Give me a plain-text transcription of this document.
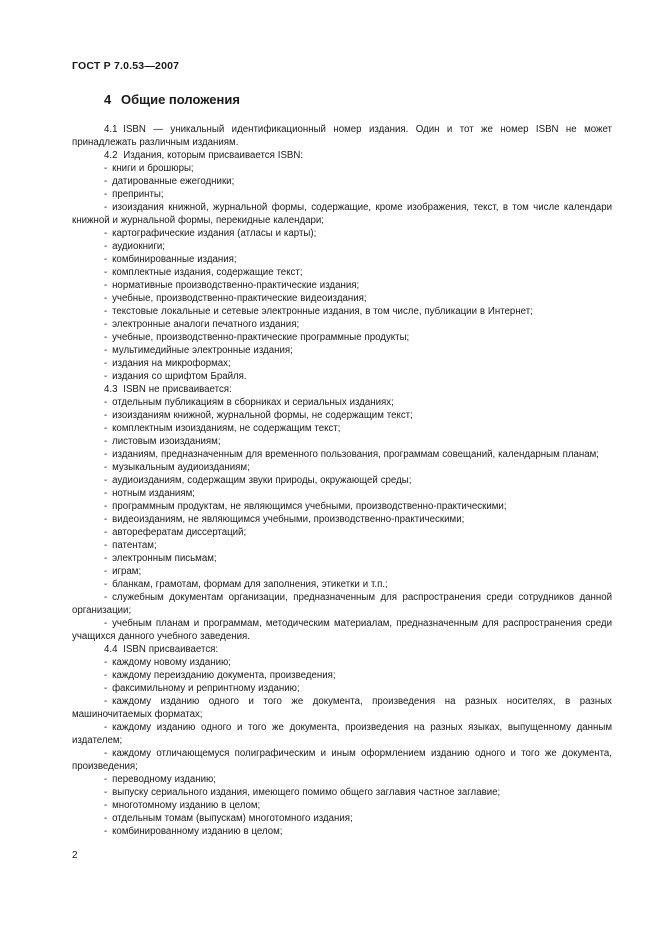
ГОСТ Р 7.0.53—2007
4 Общие положения

4.1 ISBN — уникальный идентификационный номер издания. Один и тот же номер ISBN не может принадлежать различным изданиям.

4.2 Издания, которым присваивается ISBN:

- книги и брошюры;

- датированные ежегодники;

- препринты;

- изоиздания книжной, журнальной формы, содержащие, кроме изображения, текст, в том числе календари книжной и журнальной формы, перекидные календари;

- картографические издания (атласы и карты);

- аудиокниги;

- комбинированные издания;

- комплектные издания, содержащие текст;

- нормативные производственно-практические издания;

- учебные, производственно-практические видеоиздания;

- текстовые локальные и сетевые электронные издания, в том числе, публикации в Интернет;

- электронные аналоги печатного издания;

- учебные, производственно-практические программные продукты;

- мультимедийные электронные издания;

- издания на микроформах;

- издания со шрифтом Брайля.

4.3 ISBN не присваивается:

- отдельным публикациям в сборниках и сериальных изданиях;

- изоизданиям книжной, журнальной формы, не содержащим текст;

- комплектным изоизданиям, не содержащим текст;

- листовым изоизданиям;

- изданиям, предназначенным для временного пользования, программам совещаний, календарным планам;

- музыкальным аудиоизданиям;

- аудиоизданиям, содержащим звуки природы, окружающей среды;

- нотным изданиям;

- программным продуктам, не являющимся учебными, производственно-практическими;

- видеоизданиям, не являющимся учебными, производственно-практическими;

- авторефератам диссертаций;

- патентам;

- электронным письмам;

- играм;

- бланкам, грамотам, формам для заполнения, этикетки и т.п.;

- служебным документам организации, предназначенным для распространения среди сотрудников данной организации;

- учебным планам и программам, методическим материалам, предназначенным для распространения среди учащихся данного учебного заведения.

4.4 ISBN присваивается:

- каждому новому изданию;

- каждому переизданию документа, произведения;

- факсимильному и репринтному изданию;

- каждому изданию одного и того же документа, произведения на разных носителях, в разных машиночитаемых форматах;

- каждому изданию одного и того же документа, произведения на разных языках, выпущенному данным издателем;

- каждому отличающемуся полиграфическим и иным оформлением изданию одного и того же документа, произведения;

- переводному изданию;

- выпуску сериального издания, имеющего помимо общего заглавия частное заглавие;

- многотомному изданию в целом;

- отдельным томам (выпускам) многотомного издания;

- комбинированному изданию в целом;

2
